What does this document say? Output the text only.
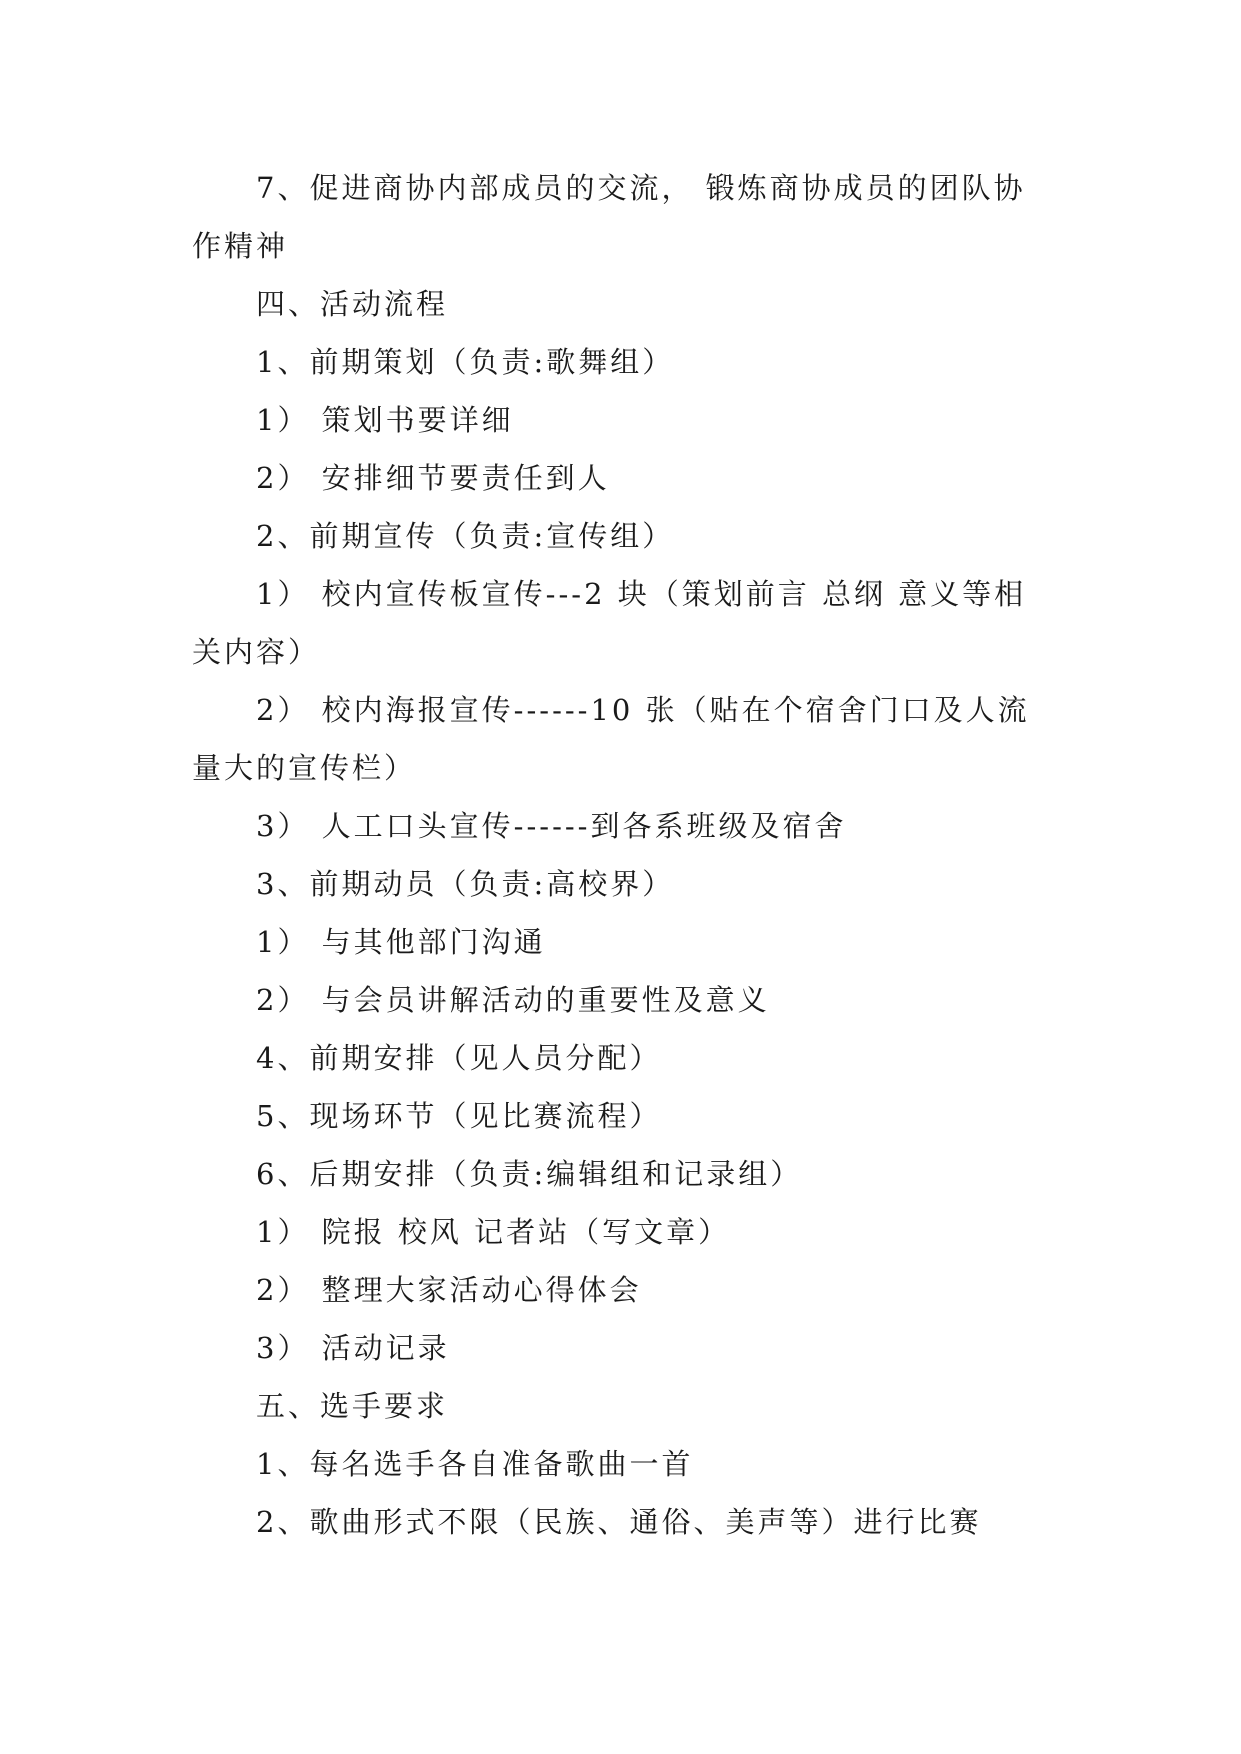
7、促进商协内部成员的交流， 锻炼商协成员的团队协作精神

四、活动流程

1、前期策划（负责:歌舞组）

1） 策划书要详细

2） 安排细节要责任到人

2、前期宣传（负责:宣传组）

1） 校内宣传板宣传---2 块（策划前言 总纲 意义等相关内容）

2） 校内海报宣传------10 张（贴在个宿舍门口及人流量大的宣传栏）

3） 人工口头宣传------到各系班级及宿舍

3、前期动员（负责:高校界）

1） 与其他部门沟通

2） 与会员讲解活动的重要性及意义

4、前期安排（见人员分配）

5、现场环节（见比赛流程）

6、后期安排（负责:编辑组和记录组）

1） 院报 校风 记者站（写文章）

2） 整理大家活动心得体会

3） 活动记录

五、选手要求

1、每名选手各自准备歌曲一首

2、歌曲形式不限（民族、通俗、美声等）进行比赛
